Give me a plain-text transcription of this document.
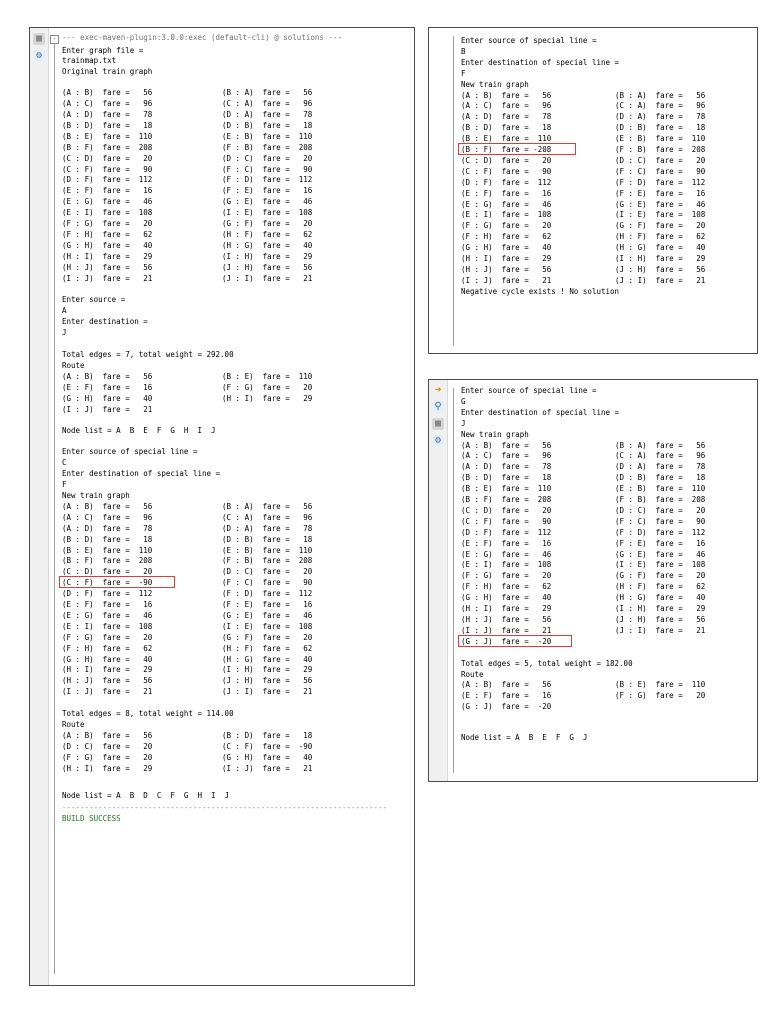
■
⚙
- --- exec-maven-plugin:3.0.0:exec (default-cli) @ solutions ---
Enter graph file =
trainmap.txt
Original train graph
(A : B)  fare =   56	(B : A)  fare =   56
(A : C)  fare =   96	(C : A)  fare =   96
(A : D)  fare =   78	(D : A)  fare =   78
(B : D)  fare =   18	(D : B)  fare =   18
(B : E)  fare =  110	(E : B)  fare =  110
(B : F)  fare =  208	(F : B)  fare =  208
(C : D)  fare =   20	(D : C)  fare =   20
(C : F)  fare =   90	(F : C)  fare =   90
(D : F)  fare =  112	(F : D)  fare =  112
(E : F)  fare =   16	(F : E)  fare =   16
(E : G)  fare =   46	(G : E)  fare =   46
(E : I)  fare =  108	(I : E)  fare =  108
(F : G)  fare =   20	(G : F)  fare =   20
(F : H)  fare =   62	(H : F)  fare =   62
(G : H)  fare =   40	(H : G)  fare =   40
(H : I)  fare =   29	(I : H)  fare =   29
(H : J)  fare =   56	(J : H)  fare =   56
(I : J)  fare =   21	(J : I)  fare =   21
Enter source =
A
Enter destination =
J
Total edges = 7, total weight = 292.00
Route
(A : B)  fare =   56	(B : E)  fare =  110
(E : F)  fare =   16	(F : G)  fare =   20
(G : H)  fare =   40	(H : I)  fare =   29
(I : J)  fare =   21
Node list = A  B  E  F  G  H  I  J
Enter source of special line =
C
Enter destination of special line =
F
New train graph
(A : B)  fare =   56	(B : A)  fare =   56
(A : C)  fare =   96	(C : A)  fare =   96
(A : D)  fare =   78	(D : A)  fare =   78
(B : D)  fare =   18	(D : B)  fare =   18
(B : E)  fare =  110	(E : B)  fare =  110
(B : F)  fare =  208	(F : B)  fare =  208
(C : D)  fare =   20	(D : C)  fare =   20
(C : F)  fare =  -90	(F : C)  fare =   90
(D : F)  fare =  112	(F : D)  fare =  112
(E : F)  fare =   16	(F : E)  fare =   16
(E : G)  fare =   46	(G : E)  fare =   46
(E : I)  fare =  108	(I : E)  fare =  108
(F : G)  fare =   20	(G : F)  fare =   20
(F : H)  fare =   62	(H : F)  fare =   62
(G : H)  fare =   40	(H : G)  fare =   40
(H : I)  fare =   29	(I : H)  fare =   29
(H : J)  fare =   56	(J : H)  fare =   56
(I : J)  fare =   21	(J : I)  fare =   21
Total edges = 8, total weight = 114.00
Route
(A : B)  fare =   56	(B : D)  fare =   18
(D : C)  fare =   20	(C : F)  fare =  -90
(F : G)  fare =   20	(G : H)  fare =   40
(H : I)  fare =   29	(I : J)  fare =   21
Node list = A  B  D  C  F  G  H  I  J
------------------------------------------------------------------------
BUILD SUCCESS
Enter source of special line =
B
Enter destination of special line =
F
New train graph
(A : B)  fare =   56	(B : A)  fare =   56
(A : C)  fare =   96	(C : A)  fare =   96
(A : D)  fare =   78	(D : A)  fare =   78
(B : D)  fare =   18	(D : B)  fare =   18
(B : E)  fare =  110	(E : B)  fare =  110
(B : F)  fare = -208	(F : B)  fare =  208
(C : D)  fare =   20	(D : C)  fare =   20
(C : F)  fare =   90	(F : C)  fare =   90
(D : F)  fare =  112	(F : D)  fare =  112
(E : F)  fare =   16	(F : E)  fare =   16
(E : G)  fare =   46	(G : E)  fare =   46
(E : I)  fare =  108	(I : E)  fare =  108
(F : G)  fare =   20	(G : F)  fare =   20
(F : H)  fare =   62	(H : F)  fare =   62
(G : H)  fare =   40	(H : G)  fare =   40
(H : I)  fare =   29	(I : H)  fare =   29
(H : J)  fare =   56	(J : H)  fare =   56
(I : J)  fare =   21	(J : I)  fare =   21
Negative cycle exists ! No solution
➜
⚲
■
⚙
Enter source of special line =
G
Enter destination of special line =
J
New train graph
(A : B)  fare =   56	(B : A)  fare =   56
(A : C)  fare =   96	(C : A)  fare =   96
(A : D)  fare =   78	(D : A)  fare =   78
(B : D)  fare =   18	(D : B)  fare =   18
(B : E)  fare =  110	(E : B)  fare =  110
(B : F)  fare =  208	(F : B)  fare =  208
(C : D)  fare =   20	(D : C)  fare =   20
(C : F)  fare =   90	(F : C)  fare =   90
(D : F)  fare =  112	(F : D)  fare =  112
(E : F)  fare =   16	(F : E)  fare =   16
(E : G)  fare =   46	(G : E)  fare =   46
(E : I)  fare =  108	(I : E)  fare =  108
(F : G)  fare =   20	(G : F)  fare =   20
(F : H)  fare =   62	(H : F)  fare =   62
(G : H)  fare =   40	(H : G)  fare =   40
(H : I)  fare =   29	(I : H)  fare =   29
(H : J)  fare =   56	(J : H)  fare =   56
(I : J)  fare =   21	(J : I)  fare =   21
(G : J)  fare =  -20
Total edges = 5, total weight = 182.00
Route
(A : B)  fare =   56	(B : E)  fare =  110
(E : F)  fare =   16	(F : G)  fare =   20
(G : J)  fare =  -20
Node list = A  B  E  F  G  J
